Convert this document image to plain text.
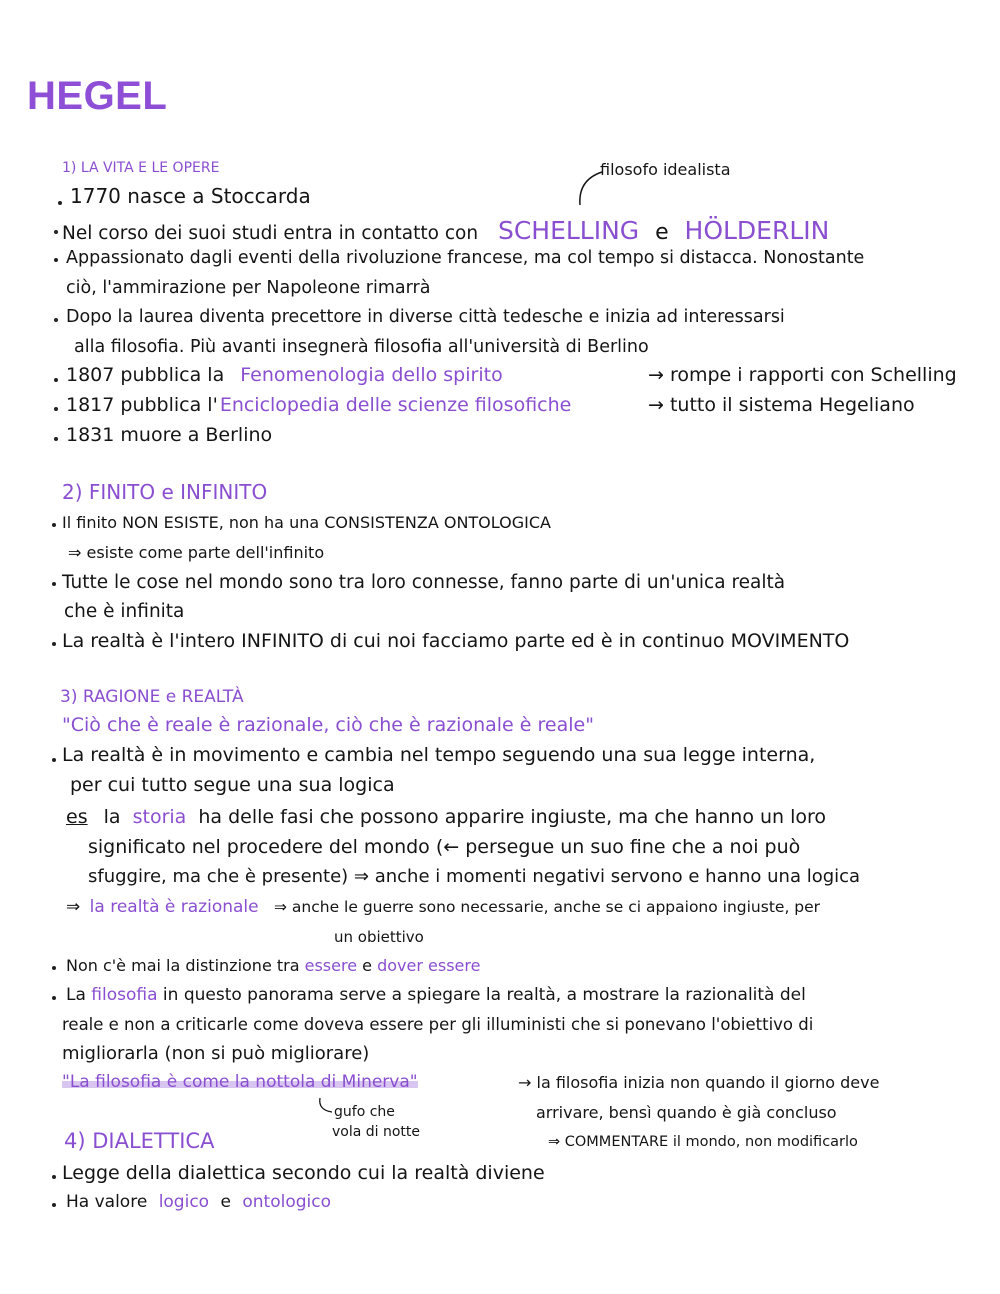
HEGEL
1) LA VITA E LE OPERE	filosofo idealista
1770 nasce a Stoccarda
Nel corso dei suoi studi entra in contatto con SCHELLING e HÖLDERLIN
Appassionato dagli eventi della rivoluzione francese, ma col tempo si distacca. Nonostante
ciò, l'ammirazione per Napoleone rimarrà
Dopo la laurea diventa precettore in diverse città tedesche e inizia ad interessarsi
alla filosofia. Più avanti insegnerà filosofia all'università di Berlino
1807 pubblica la Fenomenologia dello spirito	→ rompe i rapporti con Schelling
1817 pubblica l' Enciclopedia delle scienze filosofiche	→ tutto il sistema Hegeliano
1831 muore a Berlino
2) FINITO e INFINITO
Il finito NON ESISTE, non ha una CONSISTENZA ONTOLOGICA
⇒ esiste come parte dell'infinito
Tutte le cose nel mondo sono tra loro connesse, fanno parte di un'unica realtà
che è infinita
La realtà è l'intero INFINITO di cui noi facciamo parte ed è in continuo MOVIMENTO
3) RAGIONE e REALTÀ
"Ciò che è reale è razionale, ciò che è razionale è reale"
La realtà è in movimento e cambia nel tempo seguendo una sua legge interna,
per cui tutto segue una sua logica
es la storia ha delle fasi che possono apparire ingiuste, ma che hanno un loro
significato nel procedere del mondo (← persegue un suo fine che a noi può
sfuggire, ma che è presente) ⇒ anche i momenti negativi servono e hanno una logica
⇒ la realtà è razionale ⇒ anche le guerre sono necessarie, anche se ci appaiono ingiuste, per
un obiettivo
Non c'è mai la distinzione tra essere e dover essere
La filosofia in questo panorama serve a spiegare la realtà, a mostrare la razionalità del
reale e non a criticarle come doveva essere per gli illuministi che si ponevano l'obiettivo di
migliorarla (non si può migliorare)
"La filosofia è come la nottola di Minerva"	→ la filosofia inizia non quando il giorno deve
arrivare, bensì quando è già concluso
gufo che
vola di notte
⇒ COMMENTARE il mondo, non modificarlo
4) DIALETTICA
Legge della dialettica secondo cui la realtà diviene
Ha valore logico e ontologico
